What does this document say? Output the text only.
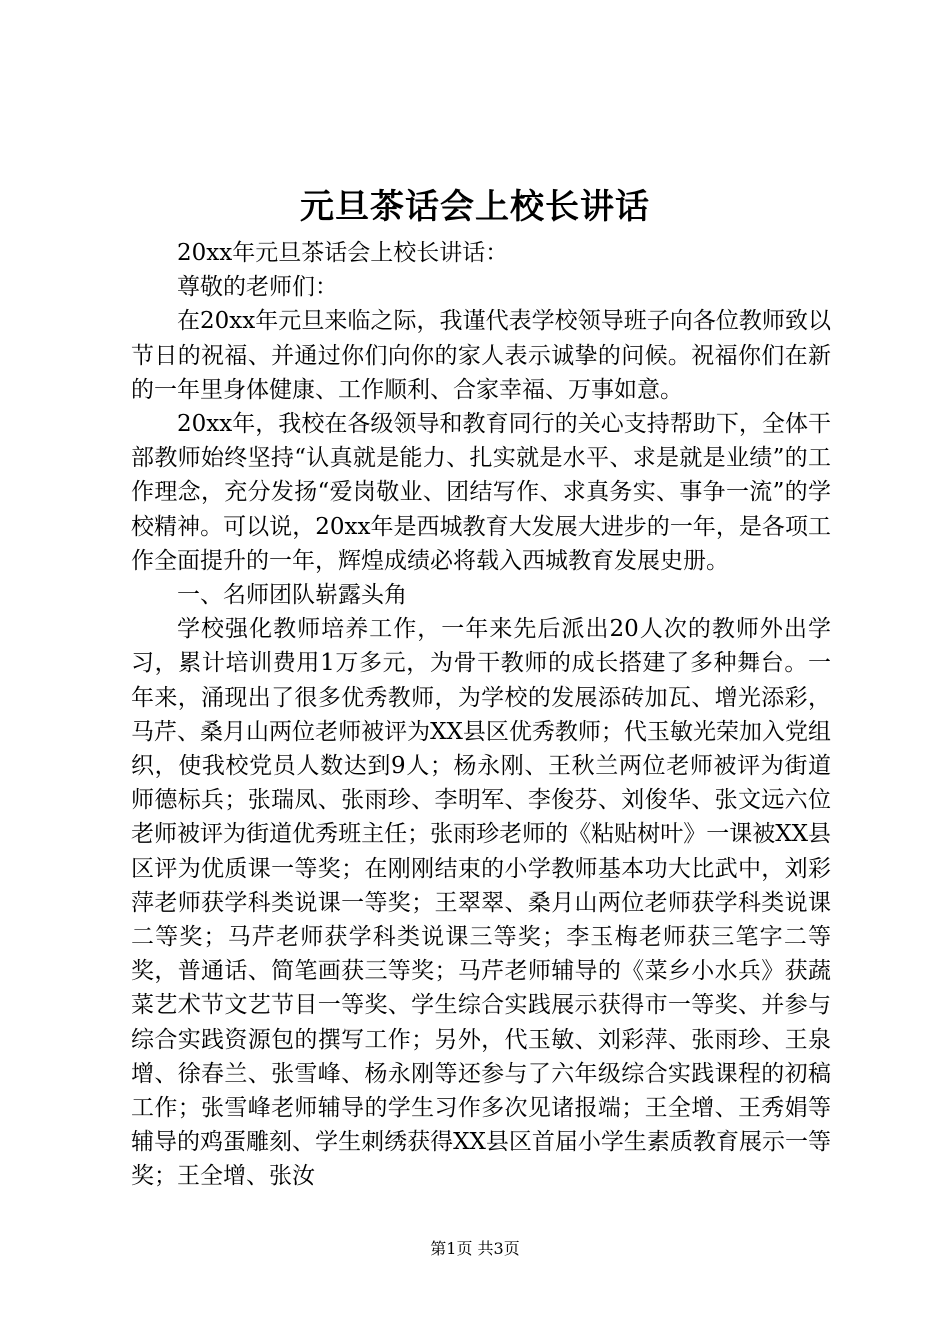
元旦茶话会上校长讲话

20xx年元旦茶话会上校长讲话：

尊敬的老师们：

在20xx年元旦来临之际，我谨代表学校领导班子向各位教师致以节日的祝福、并通过你们向你的家人表示诚挚的问候。祝福你们在新的一年里身体健康、工作顺利、合家幸福、万事如意。

20xx年，我校在各级领导和教育同行的关心支持帮助下，全体干部教师始终坚持“认真就是能力、扎实就是水平、求是就是业绩”的工作理念，充分发扬“爱岗敬业、团结写作、求真务实、事争一流”的学校精神。可以说，20xx年是西城教育大发展大进步的一年，是各项工作全面提升的一年，辉煌成绩必将载入西城教育发展史册。

一、名师团队崭露头角

学校强化教师培养工作，一年来先后派出20人次的教师外出学习，累计培训费用1万多元，为骨干教师的成长搭建了多种舞台。一年来，涌现出了很多优秀教师，为学校的发展添砖加瓦、增光添彩，马芹、桑月山两位老师被评为XX县区优秀教师；代玉敏光荣加入党组织，使我校党员人数达到9人；杨永刚、王秋兰两位老师被评为街道师德标兵；张瑞凤、张雨珍、李明军、李俊芬、刘俊华、张文远六位老师被评为街道优秀班主任；张雨珍老师的《粘贴树叶》一课被XX县区评为优质课一等奖；在刚刚结束的小学教师基本功大比武中，刘彩萍老师获学科类说课一等奖；王翠翠、桑月山两位老师获学科类说课二等奖；马芹老师获学科类说课三等奖；李玉梅老师获三笔字二等奖，普通话、简笔画获三等奖；马芹老师辅导的《菜乡小水兵》获蔬菜艺术节文艺节目一等奖、学生综合实践展示获得市一等奖、并参与综合实践资源包的撰写工作；另外，代玉敏、刘彩萍、张雨珍、王泉增、徐春兰、张雪峰、杨永刚等还参与了六年级综合实践课程的初稿工作；张雪峰老师辅导的学生习作多次见诸报端；王全增、王秀娟等辅导的鸡蛋雕刻、学生刺绣获得XX县区首届小学生素质教育展示一等奖；王全增、张汝

第1页 共3页
